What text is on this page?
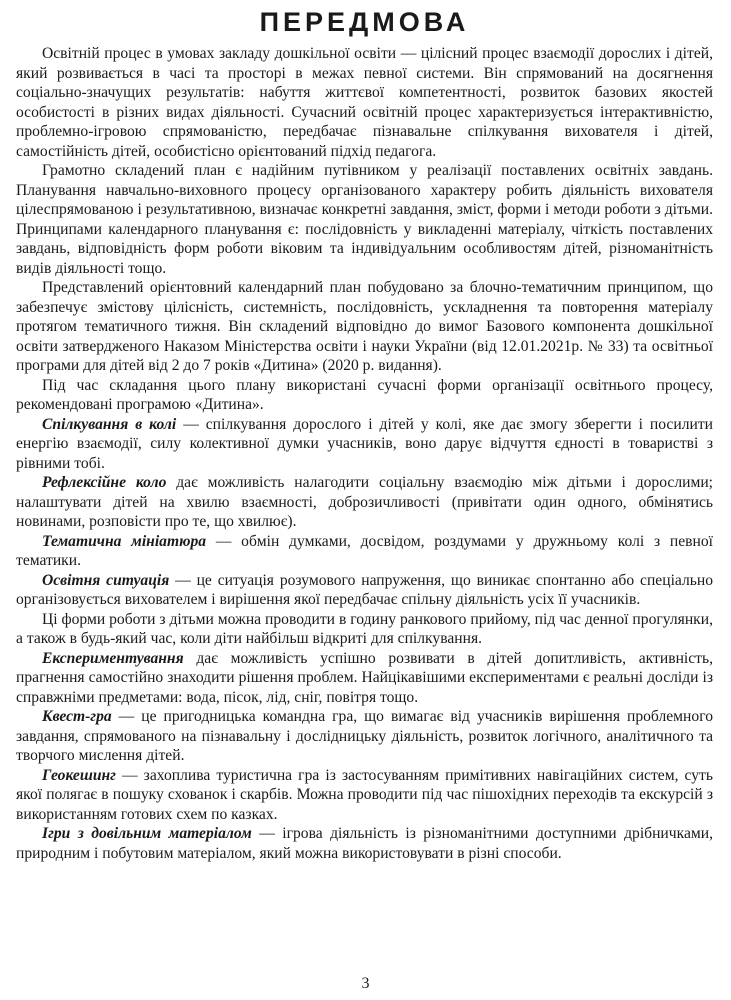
ПЕРЕДМОВА

Освітній процес в умовах закладу дошкільної освіти — цілісний процес взаємодії дорослих і дітей, який розвивається в часі та просторі в межах певної системи. Він спрямований на досягнення соціально-значущих результатів: набуття життєвої компетентності, розвиток базових якостей особистості в різних видах діяльності. Сучасний освітній процес характеризується інтерактивністю, проблемно-ігровою спрямованістю, передбачає пізнавальне спілкування вихователя і дітей, самостійність дітей, особистісно орієнтований підхід педагога.

Грамотно складений план є надійним путівником у реалізації поставлених освітніх завдань. Планування навчально-виховного процесу організованого характеру робить діяльність вихователя цілеспрямованою і результативною, визначає конкретні завдання, зміст, форми і методи роботи з дітьми. Принципами календарного планування є: послідовність у викладенні матеріалу, чіткість поставлених завдань, відповідність форм роботи віковим та індивідуальним особливостям дітей, різноманітність видів діяльності тощо.

Представлений орієнтовний календарний план побудовано за блочно-тематичним принципом, що забезпечує змістову цілісність, системність, послідовність, ускладнення та повторення матеріалу протягом тематичного тижня. Він складений відповідно до вимог Базового компонента дошкільної освіти затвердженого Наказом Міністерства освіти і науки України (від 12.01.2021р. № 33) та освітньої програми для дітей від 2 до 7 років «Дитина» (2020 р. видання).

Під час складання цього плану використані сучасні форми організації освітнього процесу, рекомендовані програмою «Дитина».

Спілкування в колі — спілкування дорослого і дітей у колі, яке дає змогу зберегти і посилити енергію взаємодії, силу колективної думки учасників, воно дарує відчуття єдності в товаристві з рівними тобі.

Рефлексійне коло дає можливість налагодити соціальну взаємодію між дітьми і дорослими; налаштувати дітей на хвилю взаємності, доброзичливості (привітати один одного, обмінятись новинами, розповісти про те, що хвилює).

Тематична мініатюра — обмін думками, досвідом, роздумами у дружньому колі з певної тематики.

Освітня ситуація — це ситуація розумового напруження, що виникає спонтанно або спеціально організовується вихователем і вирішення якої передбачає спільну діяльність усіх її учасників.

Ці форми роботи з дітьми можна проводити в годину ранкового прийому, під час денної прогулянки, а також в будь-який час, коли діти найбільш відкриті для спілкування.

Експериментування дає можливість успішно розвивати в дітей допитливість, активність, прагнення самостійно знаходити рішення проблем. Найцікавішими експериментами є реальні досліди із справжніми предметами: вода, пісок, лід, сніг, повітря тощо.

Квест-гра — це пригодницька командна гра, що вимагає від учасників вирішення проблемного завдання, спрямованого на пізнавальну і дослідницьку діяльність, розвиток логічного, аналітичного та творчого мислення дітей.

Геокешинг — захоплива туристична гра із застосуванням примітивних навігаційних систем, суть якої полягає в пошуку схованок і скарбів. Можна проводити під час пішохідних переходів та екскурсій з використанням готових схем по казках.

Ігри з довільним матеріалом — ігрова діяльність із різноманітними доступними дрібничками, природним і побутовим матеріалом, який можна використовувати в різні способи.

3
